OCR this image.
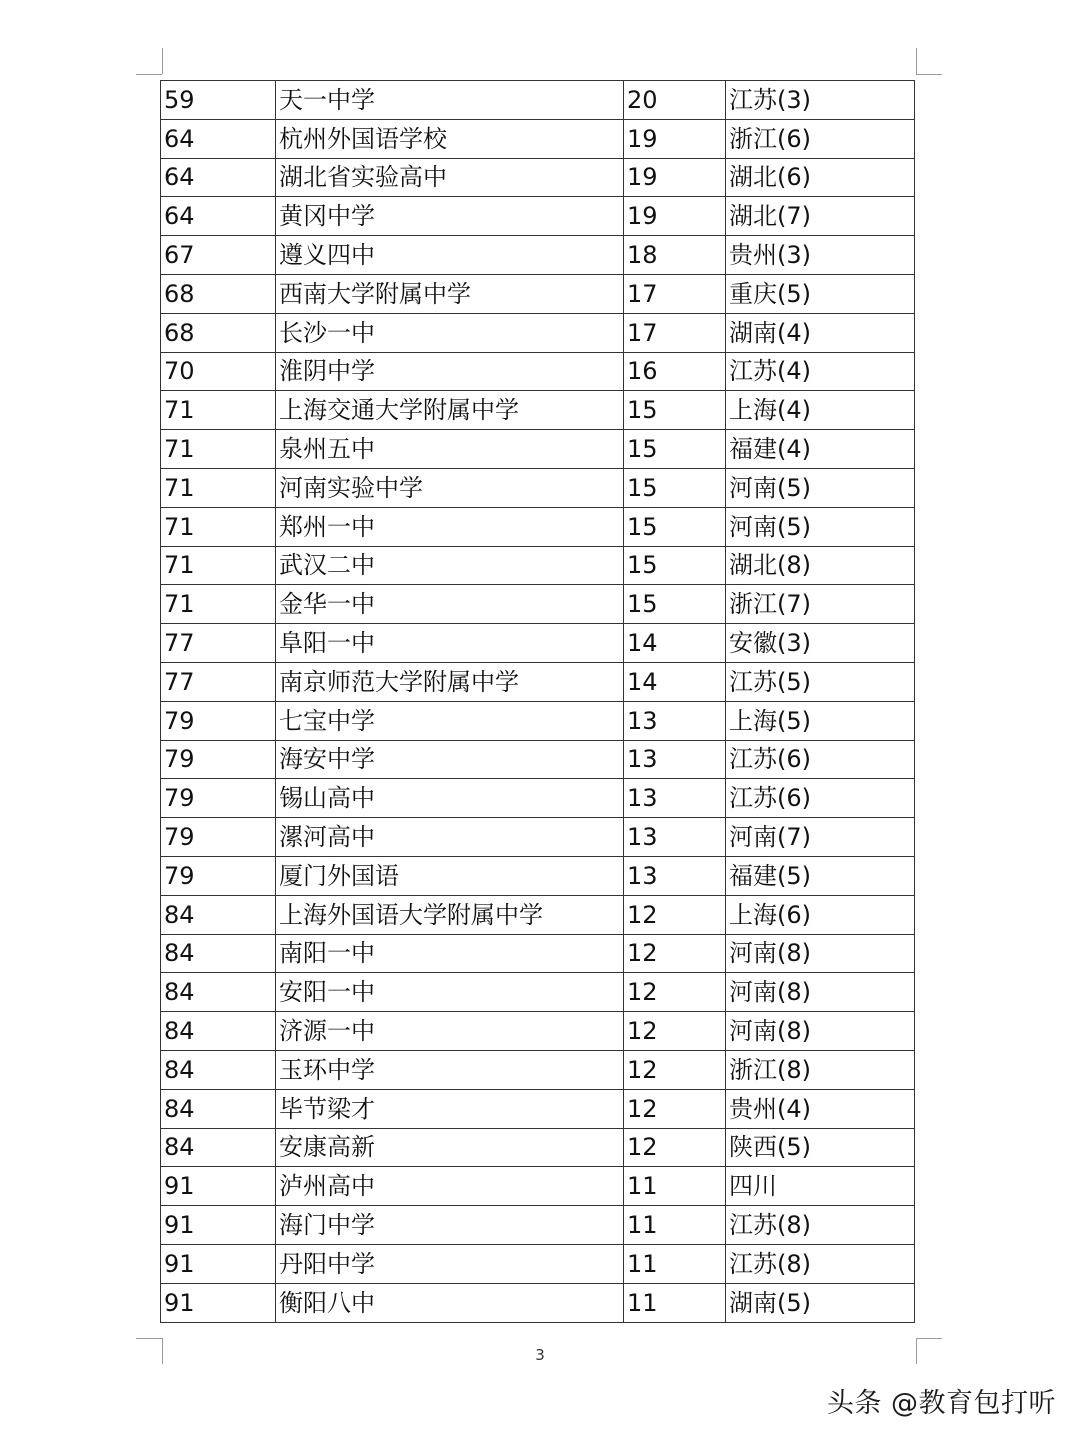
59	天一中学	20	江苏(3)
64	杭州外国语学校	19	浙江(6)
64	湖北省实验高中	19	湖北(6)
64	黄冈中学	19	湖北(7)
67	遵义四中	18	贵州(3)
68	西南大学附属中学	17	重庆(5)
68	长沙一中	17	湖南(4)
70	淮阴中学	16	江苏(4)
71	上海交通大学附属中学	15	上海(4)
71	泉州五中	15	福建(4)
71	河南实验中学	15	河南(5)
71	郑州一中	15	河南(5)
71	武汉二中	15	湖北(8)
71	金华一中	15	浙江(7)
77	阜阳一中	14	安徽(3)
77	南京师范大学附属中学	14	江苏(5)
79	七宝中学	13	上海(5)
79	海安中学	13	江苏(6)
79	锡山高中	13	江苏(6)
79	漯河高中	13	河南(7)
79	厦门外国语	13	福建(5)
84	上海外国语大学附属中学	12	上海(6)
84	南阳一中	12	河南(8)
84	安阳一中	12	河南(8)
84	济源一中	12	河南(8)
84	玉环中学	12	浙江(8)
84	毕节梁才	12	贵州(4)
84	安康高新	12	陕西(5)
91	泸州高中	11	四川
91	海门中学	11	江苏(8)
91	丹阳中学	11	江苏(8)
91	衡阳八中	11	湖南(5)
3
头条 @教育包打听
